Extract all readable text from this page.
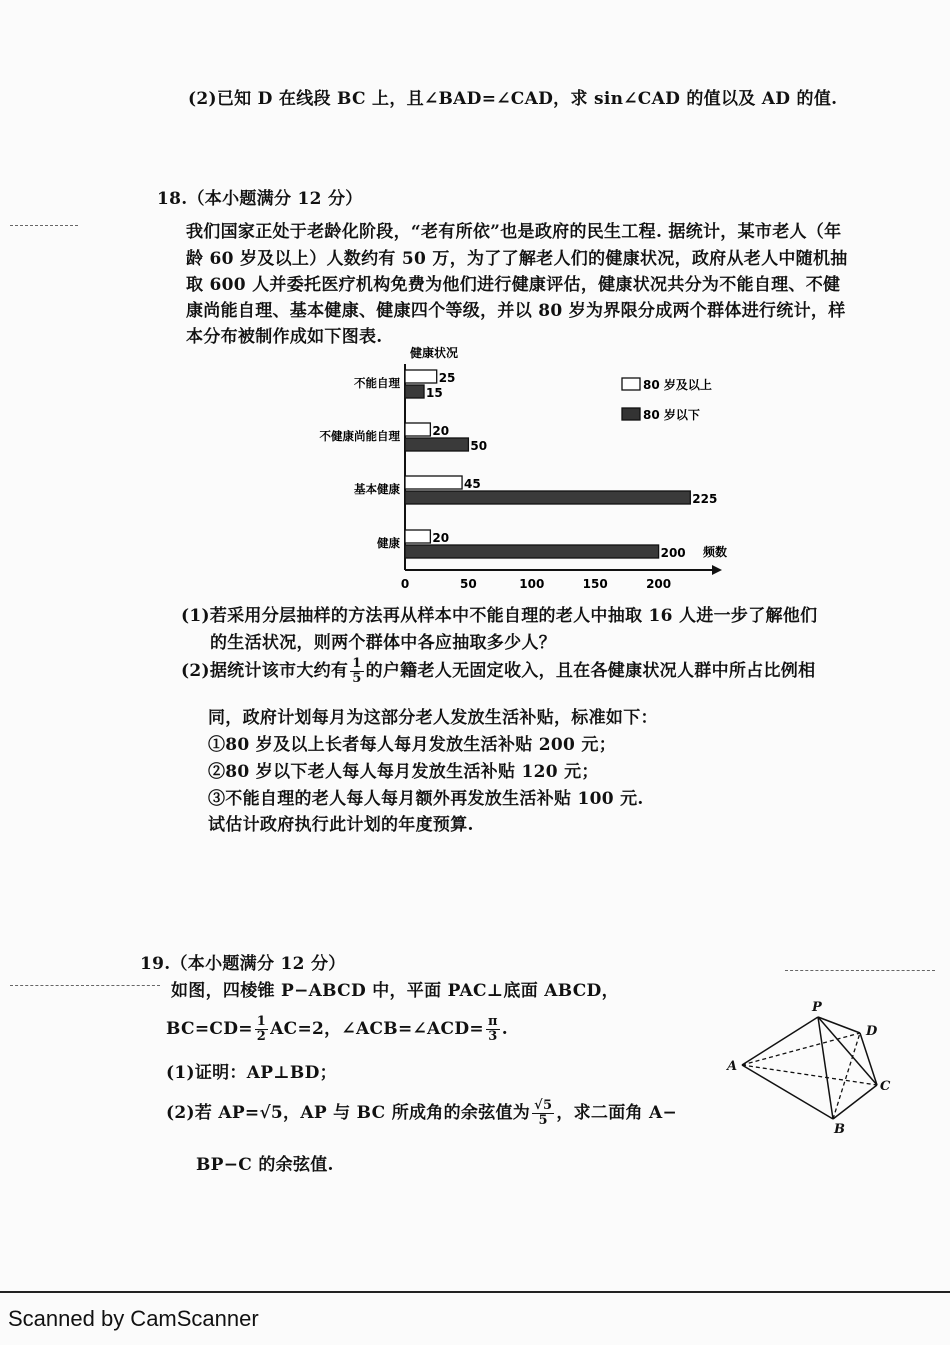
(2)已知 D 在线段 BC 上，且∠BAD=∠CAD，求 sin∠CAD 的值以及 AD 的值.
18.（本小题满分 12 分）
我们国家正处于老龄化阶段，“老有所依”也是政府的民生工程. 据统计，某市老人（年
龄 60 岁及以上）人数约有 50 万，为了了解老人们的健康状况，政府从老人中随机抽
取 600 人并委托医疗机构免费为他们进行健康评估，健康状况共分为不能自理、不健
康尚能自理、基本健康、健康四个等级，并以 80 岁为界限分成两个群体进行统计，样
本分布被制作成如下图表.
健康状况
频数
25
20
45
20
15
50
225
200
0	50	100	150	200
不能自理
不健康尚能自理
基本健康
健康
80 岁及以上
80 岁以下
(1)若采用分层抽样的方法再从样本中不能自理的老人中抽取 16 人进一步了解他们
的生活状况，则两个群体中各应抽取多少人？
(2)据统计该市大约有 $\frac{1}{5}$ 的户籍老人无固定收入，且在各健康状况人群中所占比例相
同，政府计划每月为这部分老人发放生活补贴，标准如下：
①80 岁及以上长者每人每月发放生活补贴 200 元；
②80 岁以下老人每人每月发放生活补贴 120 元；
③不能自理的老人每人每月额外再发放生活补贴 100 元.
试估计政府执行此计划的年度预算.
19.（本小题满分 12 分）
如图，四棱锥 P−ABCD 中，平面 PAC⊥底面 ABCD，
$BC=CD= \frac{1}{2} AC=2$，∠ACB=∠ACD= $\frac{\pi}{3}$ .
(1)证明：AP⊥BD；
(2)若 AP=√5，AP 与 BC 所成角的余弦值为 $\frac{√5}{5}$ ，求二面角 A−
BP−C 的余弦值.
P
D
A
C
B
Scanned by CamScanner
